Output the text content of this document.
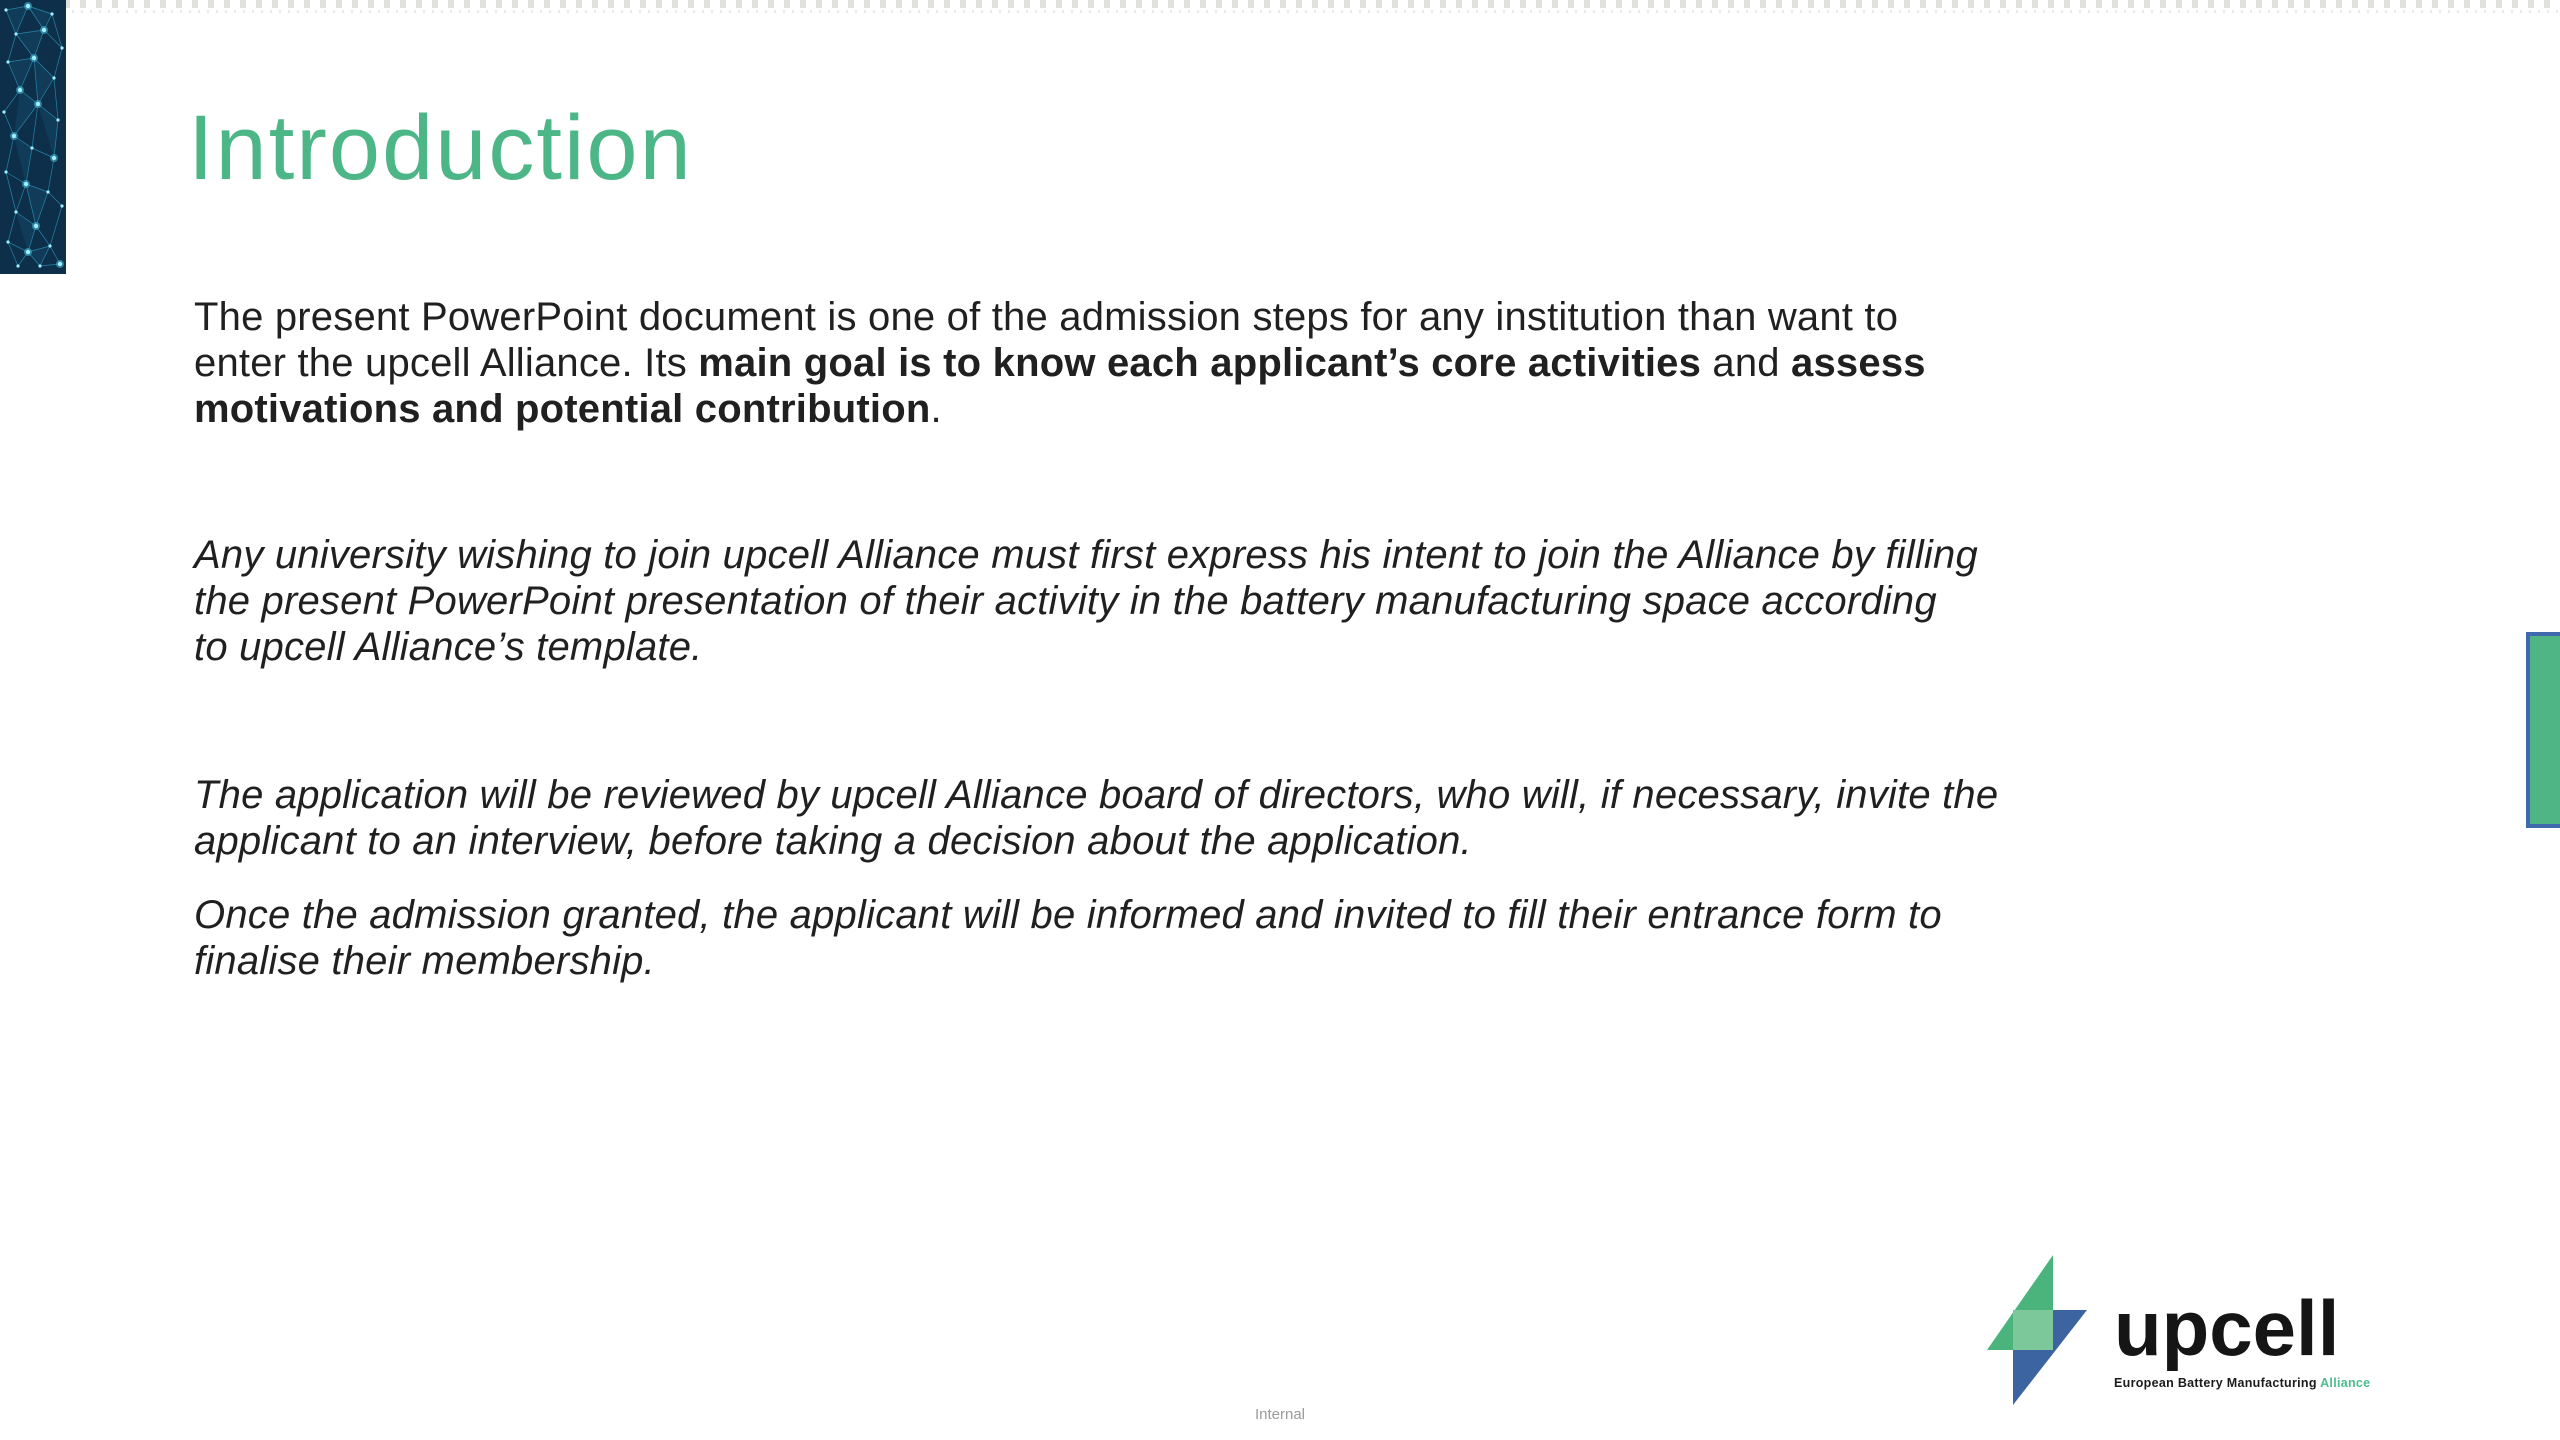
Introduction
The present PowerPoint document is one of the admission steps for any institution than want to
enter the upcell Alliance. Its main goal is to know each applicant’s core activities and assess
motivations and potential contribution.
Any university wishing to join upcell Alliance must first express his intent to join the Alliance by filling
the present PowerPoint presentation of their activity in the battery manufacturing space according
to upcell Alliance’s template.
The application will be reviewed by upcell Alliance board of directors, who will, if necessary, invite the
applicant to an interview, before taking a decision about the application.
Once the admission granted, the applicant will be informed and invited to fill their entrance form to
finalise their membership.
upcell
European Battery Manufacturing Alliance
Internal
